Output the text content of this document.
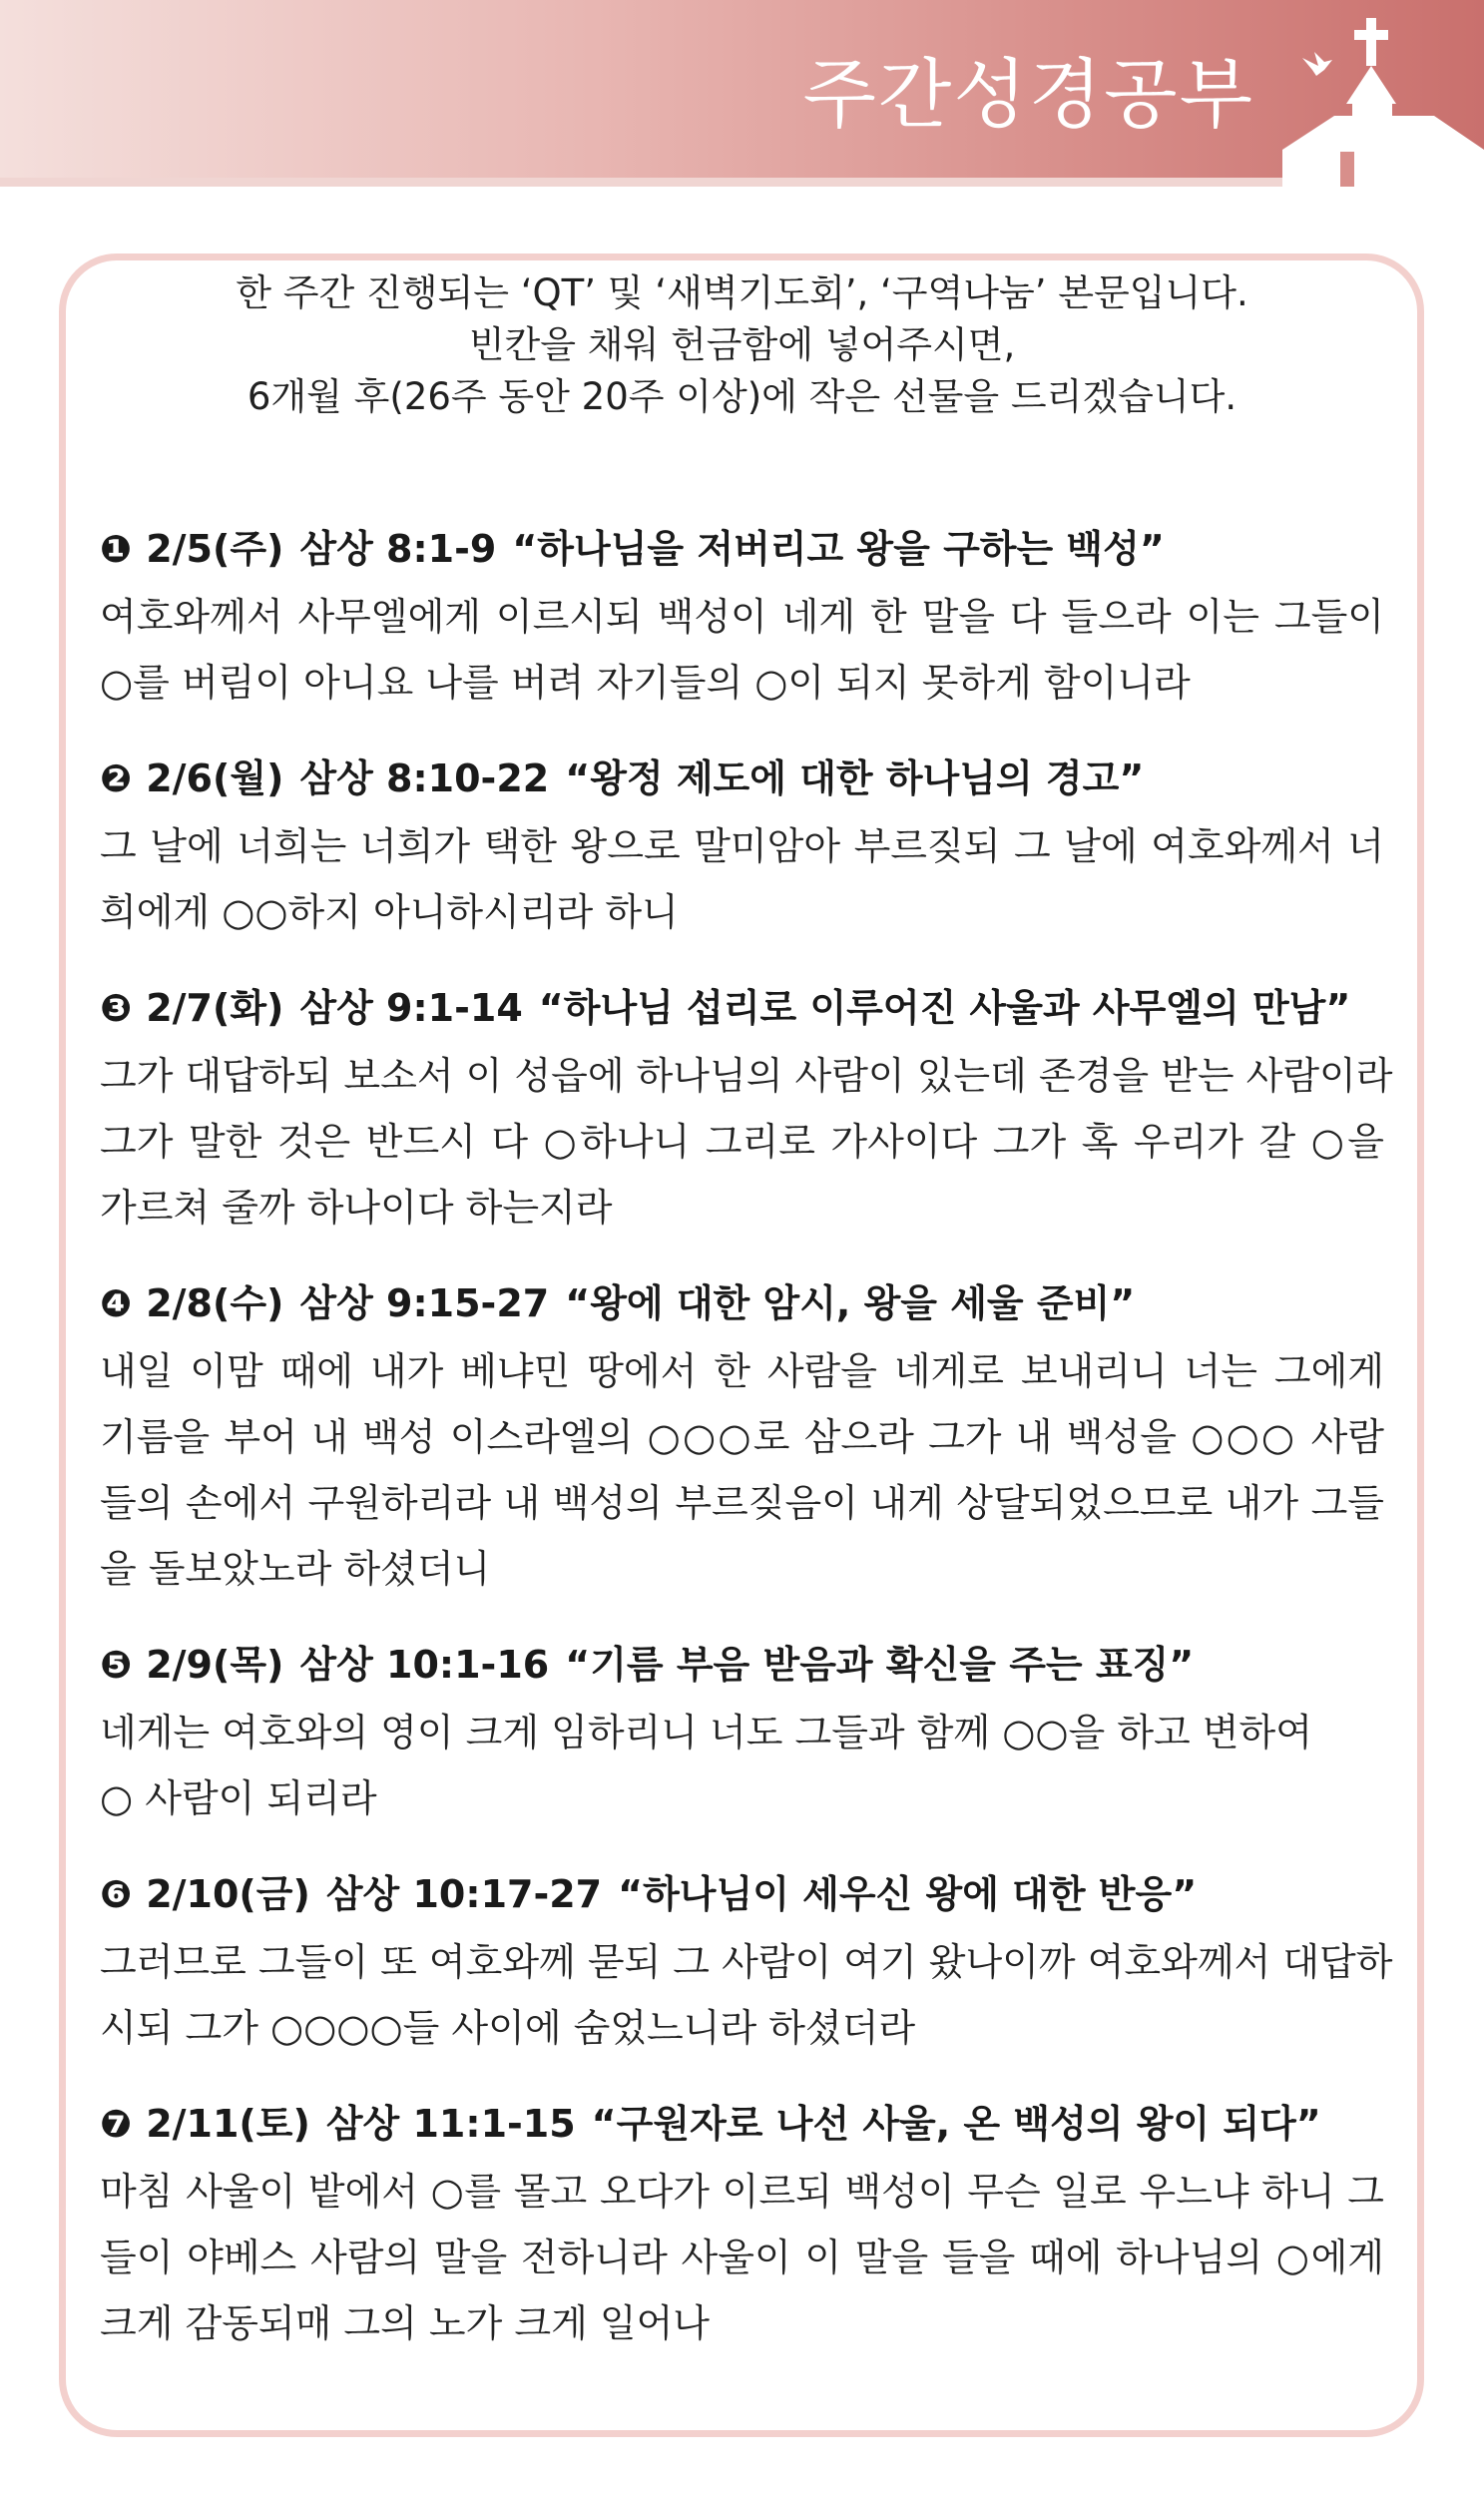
주간성경공부
한 주간 진행되는 ‘QT’ 및 ‘새벽기도회’, ‘구역나눔’ 본문입니다.
빈칸을 채워 헌금함에 넣어주시면,
6개월 후(26주 동안 20주 이상)에 작은 선물을 드리겠습니다.
❶ 2/5(주) 삼상 8:1-9 “하나님을 저버리고 왕을 구하는 백성”
여호와께서 사무엘에게 이르시되 백성이 네게 한 말을 다 들으라 이는 그들이
○를 버림이 아니요 나를 버려 자기들의 ○이 되지 못하게 함이니라
❷ 2/6(월) 삼상 8:10-22 “왕정 제도에 대한 하나님의 경고”
그 날에 너희는 너희가 택한 왕으로 말미암아 부르짖되 그 날에 여호와께서 너
희에게 ○○하지 아니하시리라 하니
❸ 2/7(화) 삼상 9:1-14 “하나님 섭리로 이루어진 사울과 사무엘의 만남”
그가 대답하되 보소서 이 성읍에 하나님의 사람이 있는데 존경을 받는 사람이라
그가 말한 것은 반드시 다 ○하나니 그리로 가사이다 그가 혹 우리가 갈 ○을
가르쳐 줄까 하나이다 하는지라
❹ 2/8(수) 삼상 9:15-27 “왕에 대한 암시, 왕을 세울 준비”
내일 이맘 때에 내가 베냐민 땅에서 한 사람을 네게로 보내리니 너는 그에게
기름을 부어 내 백성 이스라엘의 ○○○로 삼으라 그가 내 백성을 ○○○ 사람
들의 손에서 구원하리라 내 백성의 부르짖음이 내게 상달되었으므로 내가 그들
을 돌보았노라 하셨더니
❺ 2/9(목) 삼상 10:1-16 “기름 부음 받음과 확신을 주는 표징”
네게는 여호와의 영이 크게 임하리니 너도 그들과 함께 ○○을 하고 변하여
○ 사람이 되리라
❻ 2/10(금) 삼상 10:17-27 “하나님이 세우신 왕에 대한 반응”
그러므로 그들이 또 여호와께 묻되 그 사람이 여기 왔나이까 여호와께서 대답하
시되 그가 ○○○○들 사이에 숨었느니라 하셨더라
❼ 2/11(토) 삼상 11:1-15 “구원자로 나선 사울, 온 백성의 왕이 되다”
마침 사울이 밭에서 ○를 몰고 오다가 이르되 백성이 무슨 일로 우느냐 하니 그
들이 야베스 사람의 말을 전하니라 사울이 이 말을 들을 때에 하나님의 ○에게
크게 감동되매 그의 노가 크게 일어나
